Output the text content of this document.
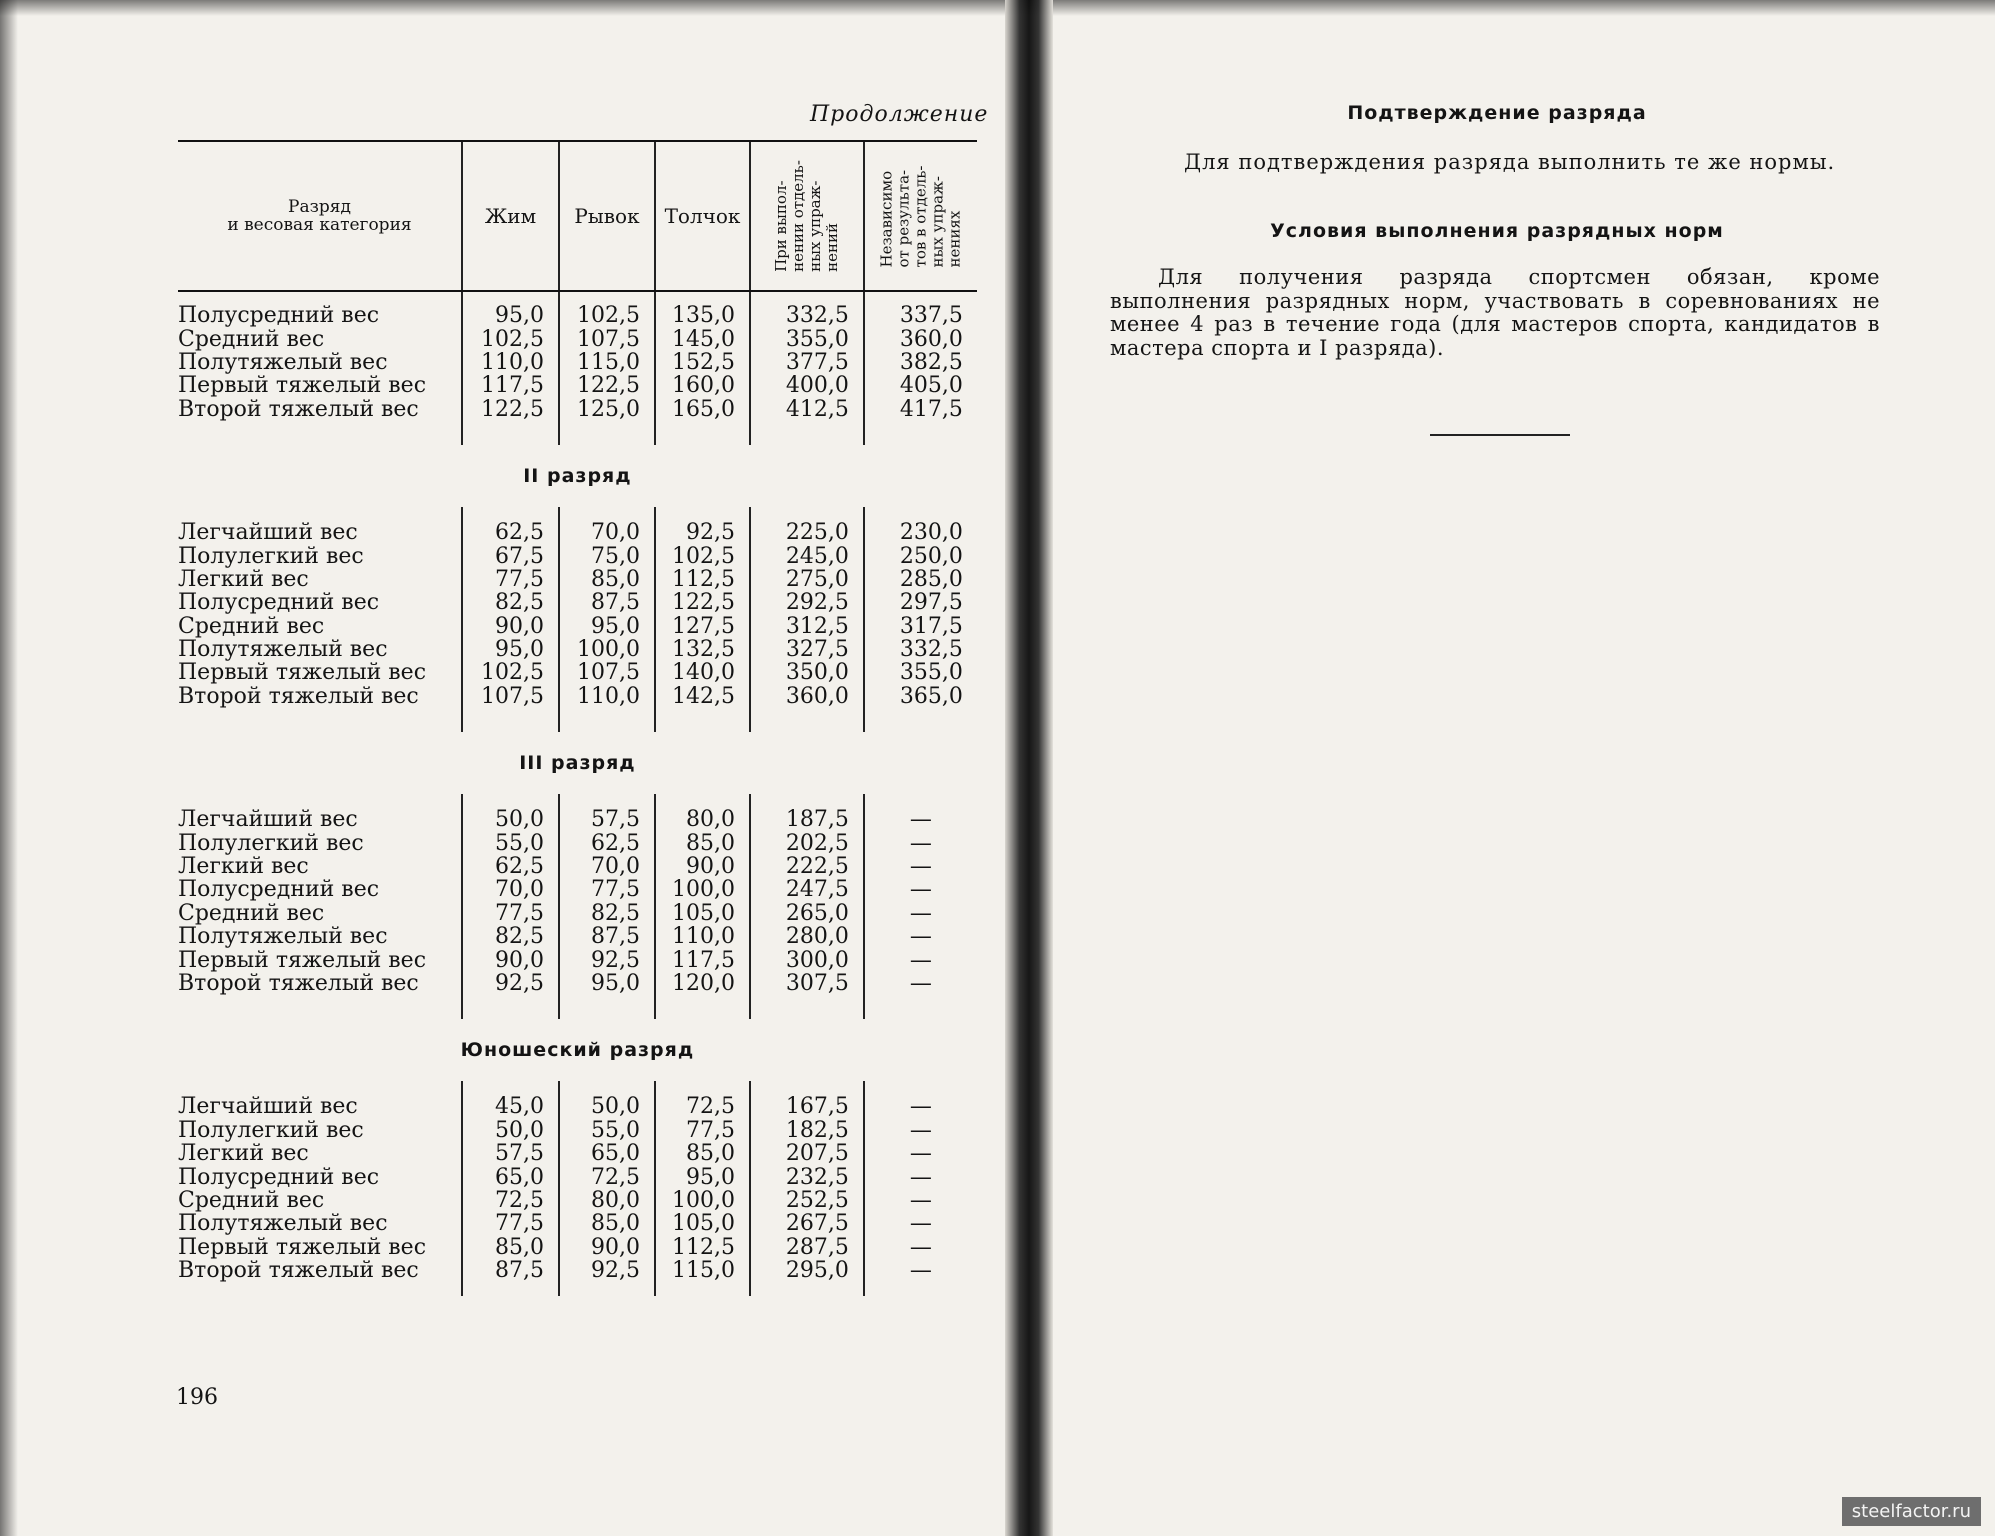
Продолжение
Разряд
и весовая категория	Жим	Рывок	Толчок	При выпол-
нении отдель-
ных упраж-
нений	Независимо
от результа-
тов в отдель-
ных упраж-
нениях

Полусредний вес	95,0	102,5	135,0	332,5	337,5
Средний вес	102,5	107,5	145,0	355,0	360,0
Полутяжелый вес	110,0	115,0	152,5	377,5	382,5
Первый тяжелый вес	117,5	122,5	160,0	400,0	405,0
Второй тяжелый вес	122,5	125,0	165,0	412,5	417,5

II разряд					

Легчайший вес	62,5	70,0	92,5	225,0	230,0
Полулегкий вес	67,5	75,0	102,5	245,0	250,0
Легкий вес	77,5	85,0	112,5	275,0	285,0
Полусредний вес	82,5	87,5	122,5	292,5	297,5
Средний вес	90,0	95,0	127,5	312,5	317,5
Полутяжелый вес	95,0	100,0	132,5	327,5	332,5
Первый тяжелый вес	102,5	107,5	140,0	350,0	355,0
Второй тяжелый вес	107,5	110,0	142,5	360,0	365,0

III разряд					

Легчайший вес	50,0	57,5	80,0	187,5	—
Полулегкий вес	55,0	62,5	85,0	202,5	—
Легкий вес	62,5	70,0	90,0	222,5	—
Полусредний вес	70,0	77,5	100,0	247,5	—
Средний вес	77,5	82,5	105,0	265,0	—
Полутяжелый вес	82,5	87,5	110,0	280,0	—
Первый тяжелый вес	90,0	92,5	117,5	300,0	—
Второй тяжелый вес	92,5	95,0	120,0	307,5	—

Юношеский разряд					

Легчайший вес	45,0	50,0	72,5	167,5	—
Полулегкий вес	50,0	55,0	77,5	182,5	—
Легкий вес	57,5	65,0	85,0	207,5	—
Полусредний вес	65,0	72,5	95,0	232,5	—
Средний вес	72,5	80,0	100,0	252,5	—
Полутяжелый вес	77,5	85,0	105,0	267,5	—
Первый тяжелый вес	85,0	90,0	112,5	287,5	—
Второй тяжелый вес	87,5	92,5	115,0	295,0	—

196
Подтверждение разряда
Для подтверждения разряда выполнить те же нормы.
Условия выполнения разрядных норм
Для получения разряда спортсмен обязан, кроме выполнения разрядных норм, участвовать в соревнованиях не менее 4 раз в течение года (для мастеров спорта, кандидатов в мастера спорта и I разряда).
steelfactor.ru
